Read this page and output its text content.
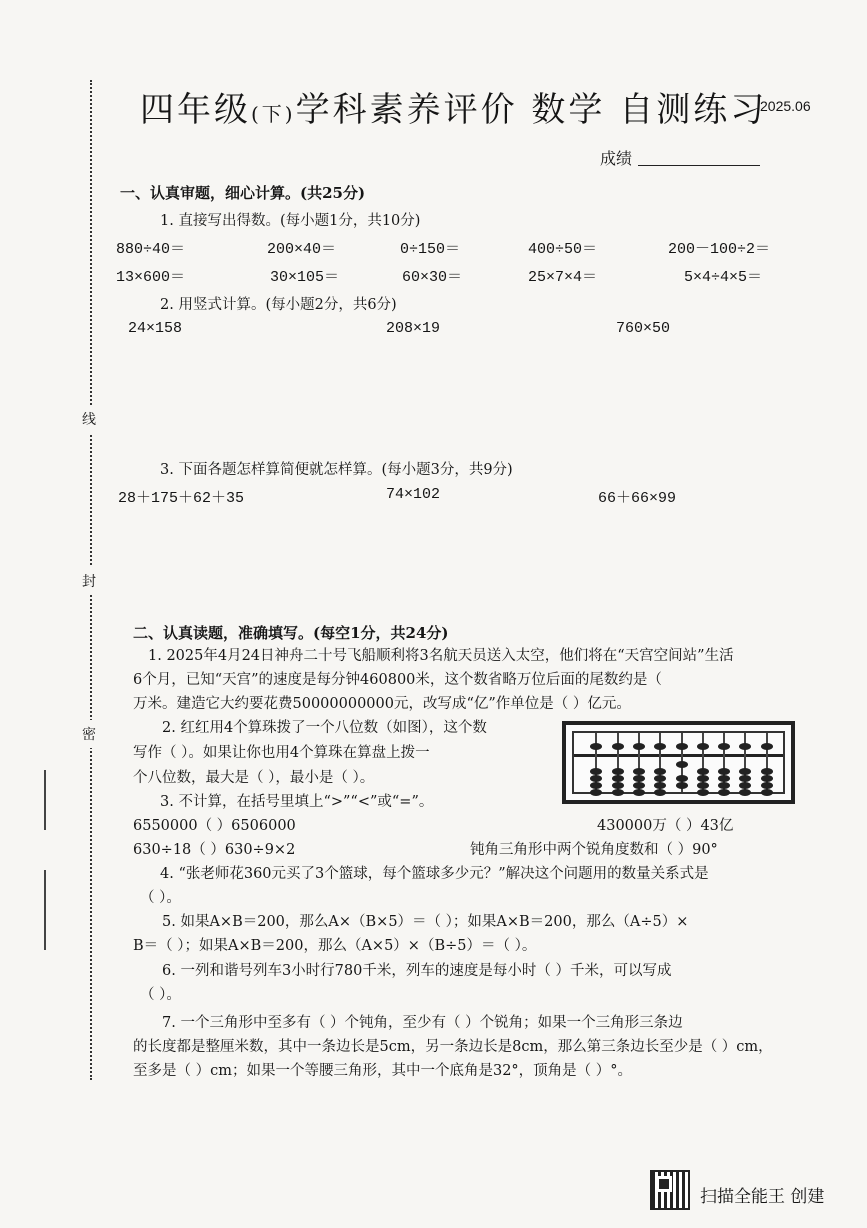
线
封
密
四年级(下)学科素养评价 数学 自测练习
2025.06
成绩
一、认真审题，细心计算。(共25分)
1. 直接写出得数。(每小题1分，共10分)
880÷40＝	200×40＝	0÷150＝	400÷50＝	200－100÷2＝
13×600＝	30×105＝	60×30＝	25×7×4＝	5×4÷4×5＝
2. 用竖式计算。(每小题2分，共6分)
24×158	208×19	760×50
3. 下面各题怎样算简便就怎样算。(每小题3分，共9分)
28＋175＋62＋35	74×102	66＋66×99
二、认真读题，准确填写。(每空1分，共24分)
1. 2025年4月24日神舟二十号飞船顺利将3名航天员送入太空，他们将在“天宫空间站”生活
6个月，已知“天宫”的速度是每分钟460800米，这个数省略万位后面的尾数约是（
万米。建造它大约要花费50000000000元，改写成“亿”作单位是（ ）亿元。
2. 红红用4个算珠拨了一个八位数（如图），这个数
写作（ ）。如果让你也用4个算珠在算盘上拨一
个八位数，最大是（ ），最小是（ ）。
3. 不计算，在括号里填上“>”“<”或“=”。
6550000（ ）6506000	430000万（ ）43亿
630÷18（ ）630÷9×2	钝角三角形中两个锐角度数和（ ）90°
4. “张老师花360元买了3个篮球，每个篮球多少元？”解决这个问题用的数量关系式是
（ ）。
5. 如果A×B＝200，那么A×（B×5）＝（ ）；如果A×B＝200，那么（A÷5）×
B＝（ ）；如果A×B＝200，那么（A×5）×（B÷5）＝（ ）。
6. 一列和谐号列车3小时行780千米，列车的速度是每小时（ ）千米，可以写成
（ ）。
7. 一个三角形中至多有（ ）个钝角，至少有（ ）个锐角；如果一个三角形三条边
的长度都是整厘米数，其中一条边长是5cm，另一条边长是8cm，那么第三条边长至少是（ ）cm，
至多是（ ）cm；如果一个等腰三角形，其中一个底角是32°，顶角是（ ）°。
扫描全能王 创建
